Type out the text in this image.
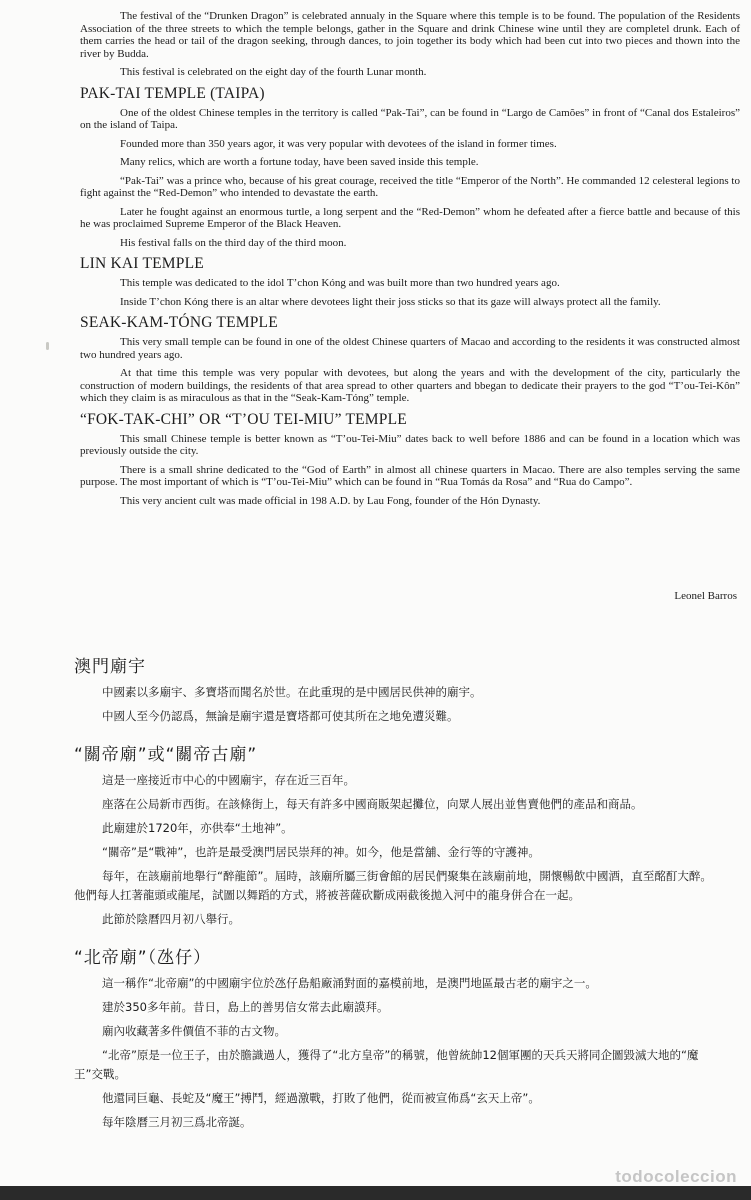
The festival of the “Drunken Dragon” is celebrated annualy in the Square where this temple is to be found. The population of the Residents Association of the three streets to which the temple belongs, gather in the Square and drink Chinese wine until they are completel drunk. Each of them carries the head or tail of the dragon seeking, through dances, to join together its body which had been cut into two pieces and thown into the river by Budda.

This festival is celebrated on the eight day of the fourth Lunar month.

PAK-TAI TEMPLE (TAIPA)

One of the oldest Chinese temples in the territory is called “Pak-Tai”, can be found in “Largo de Camões” in front of “Canal dos Estaleiros” on the island of Taipa.

Founded more than 350 years agor, it was very popular with devotees of the island in former times.

Many relics, which are worth a fortune today, have been saved inside this temple.

“Pak-Tai” was a prince who, because of his great courage, received the title “Emperor of the North”. He commanded 12 celesteral legions to fight against the “Red-Demon” who intended to devastate the earth.

Later he fought against an enormous turtle, a long serpent and the “Red-Demon” whom he defeated after a fierce battle and because of this he was proclaimed Supreme Emperor of the Black Heaven.

His festival falls on the third day of the third moon.

LIN KAI TEMPLE

This temple was dedicated to the idol T’chon Kóng and was built more than two hundred years ago.

Inside T’chon Kóng there is an altar where devotees light their joss sticks so that its gaze will always protect all the family.

SEAK-KAM-TÓNG TEMPLE

This very small temple can be found in one of the oldest Chinese quarters of Macao and according to the residents it was constructed almost two hundred years ago.

At that time this temple was very popular with devotees, but along the years and with the development of the city, particularly the construction of modern buildings, the residents of that area spread to other quarters and bbegan to dedicate their prayers to the god “T’ou-Tei-Kôn” which they claim is as miraculous as that in the “Seak-Kam-Tóng” temple.

“FOK-TAK-CHI” OR “T’OU TEI-MIU” TEMPLE

This small Chinese temple is better known as “T’ou-Tei-Miu” dates back to well before 1886 and can be found in a location which was previously outside the city.

There is a small shrine dedicated to the “God of Earth” in almost all chinese quarters in Macao. There are also temples serving the same purpose. The most important of which is “T’ou-Tei-Miu” which can be found in “Rua Tomás da Rosa” and “Rua do Campo”.

This very ancient cult was made official in 198 A.D. by Lau Fong, founder of the Hón Dynasty.

Leonel Barros
澳門廟宇

中國素以多廟宇、多寶塔而聞名於世。在此重現的是中國居民供神的廟宇。

中國人至今仍認爲，無論是廟宇還是寶塔都可使其所在之地免遭災難。

“關帝廟”或“關帝古廟”

這是一座接近市中心的中國廟宇，存在近三百年。

座落在公局新市西街。在該條街上，每天有許多中國商販架起攤位，向眾人展出並售賣他們的產品和商品。

此廟建於1720年，亦供奉“土地神”。

“關帝”是“戰神”，也許是最受澳門居民崇拜的神。如今，他是當舖、金行等的守護神。

每年，在該廟前地舉行“醉龍節”。屆時，該廟所屬三街會館的居民們聚集在該廟前地，開懷暢飲中國酒，直至酩酊大醉。他們每人扛著龍頭或龍尾，試圖以舞蹈的方式，將被菩薩砍斷成兩截後拋入河中的龍身併合在一起。

此節於陰曆四月初八舉行。

“北帝廟”（氹仔）

這一稱作“北帝廟”的中國廟宇位於氹仔島船廠涌對面的嘉模前地，是澳門地區最古老的廟宇之一。

建於350多年前。昔日，島上的善男信女常去此廟謨拜。

廟內收藏著多件價值不菲的古文物。

“北帝”原是一位王子，由於膽識過人，獲得了“北方皇帝”的稱號，他曾統帥12個軍團的天兵天將同企圖毀滅大地的“魔王”交戰。

他還同巨龜、長蛇及“魔王”搏鬥，經過激戰，打敗了他們，從而被宣佈爲“玄天上帝”。

每年陰曆三月初三爲北帝誕。

todocoleccion
